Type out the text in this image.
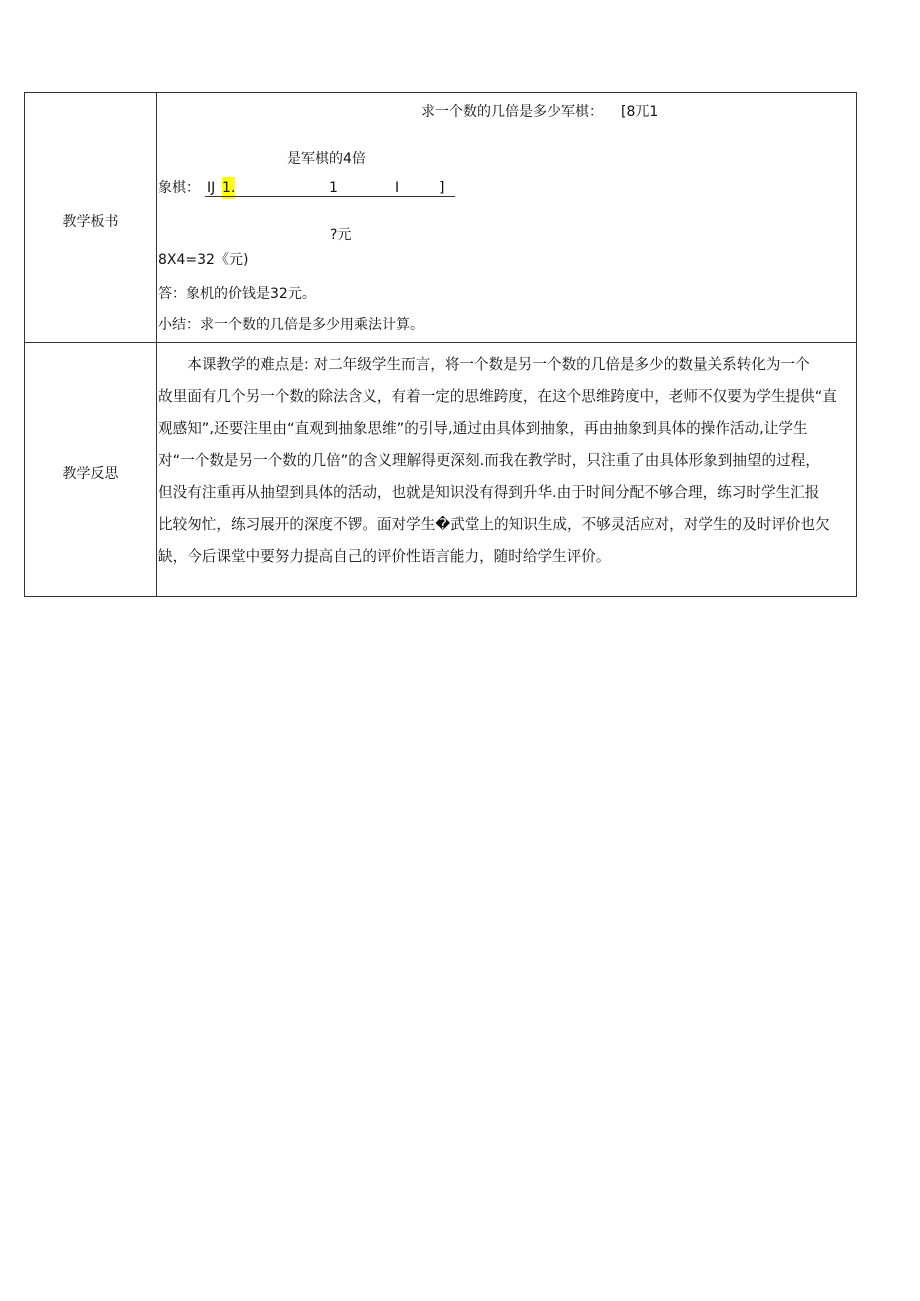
教学板书
求一个数的几倍是多少军棋： [8兀1
是军棋的4倍
象棋： IJ 1.	1	I	]
?元
8X4=32《元)
答：象机的价钱是32元。
小结：求一个数的几倍是多少用乘法计算。
教学反思
　　本课教学的难点是: 对二年级学生而言，将一个数是另一个数的几倍是多少的数量关系转化为一个
故里面有几个另一个数的除法含义，有着一定的思维跨度，在这个思维跨度中，老师不仅要为学生提供“直
观感知”,还要注里由“直观到抽象思维”的引导,通过由具体到抽象，再由抽象到具体的操作活动,让学生
对“一个数是另一个数的几倍”的含义理解得更深刻.而我在教学时，只注重了由具体形象到抽望的过程，
但没有注重再从抽望到具体的活动，也就是知识没有得到升华.由于时间分配不够合理，练习时学生汇报
比较匆忙，练习展开的深度不锣。面对学生�武堂上的知识生成，不够灵活应对，对学生的及时评价也欠
缺，今后课堂中要努力提高自己的评价性语言能力，随时给学生评价。
